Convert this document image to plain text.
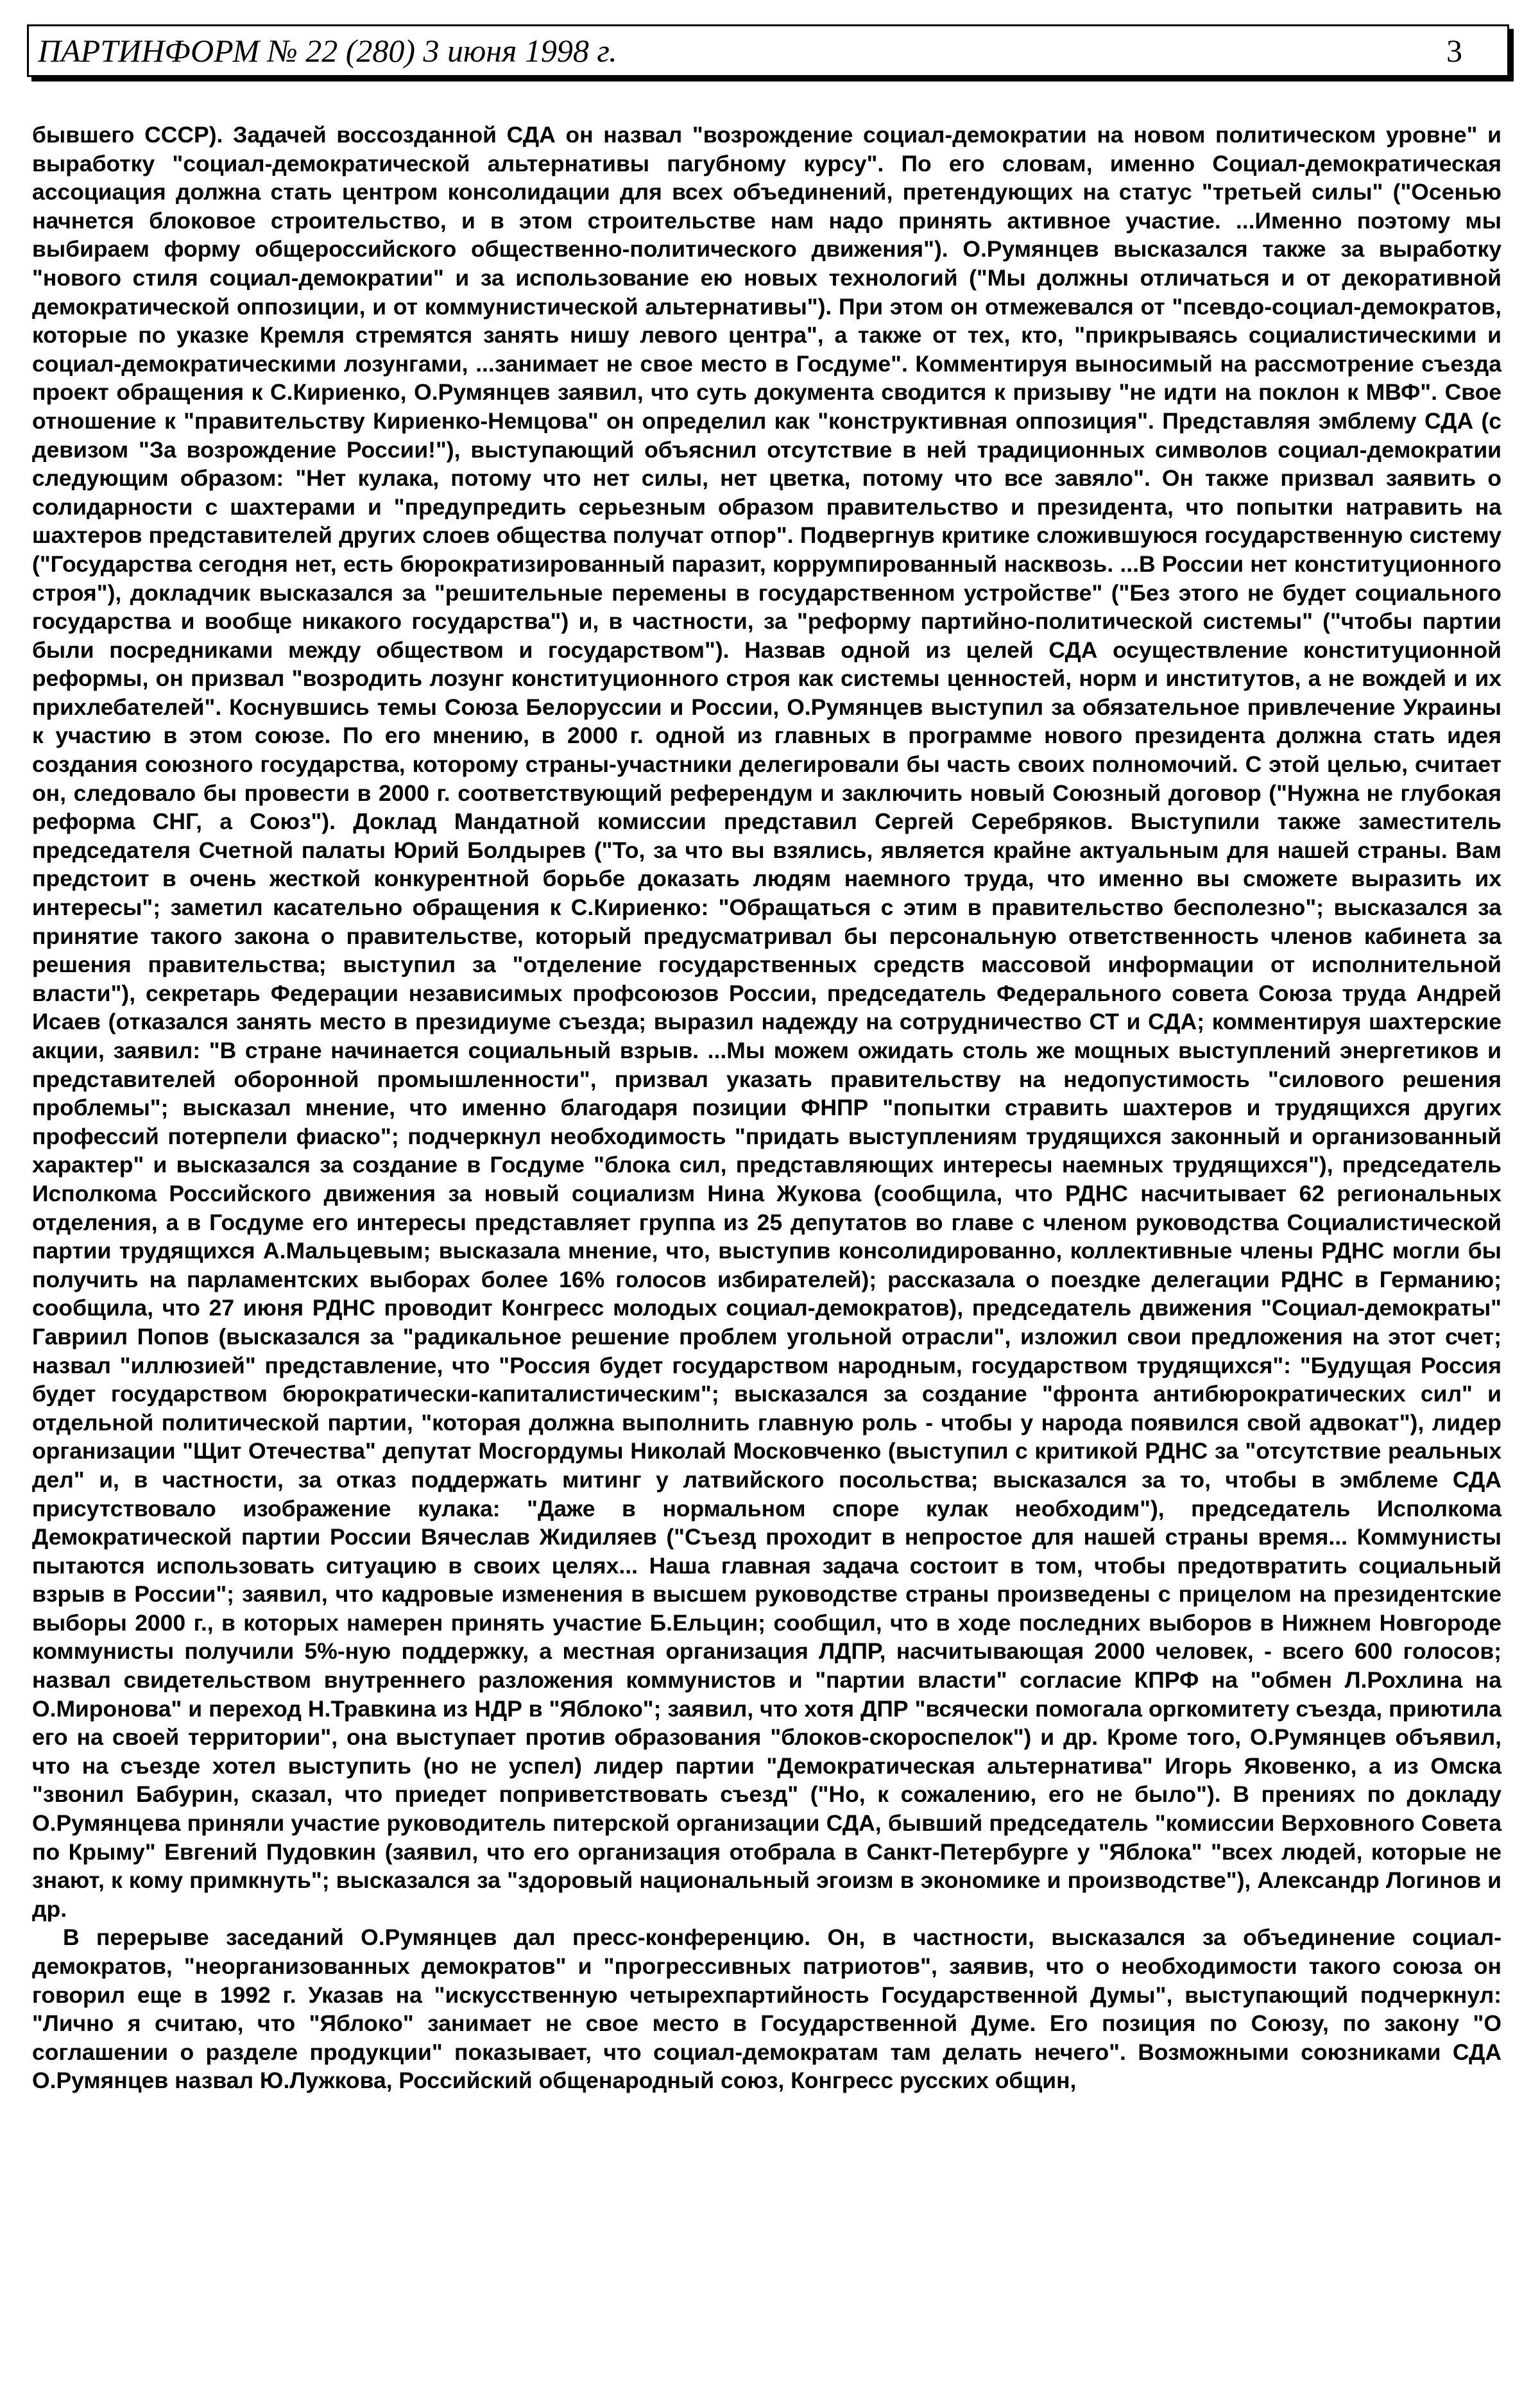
ПАРТИНФОРМ № 22 (280) 3 июня 1998 г.	3

бывшего СССР). Задачей воссозданной СДА он назвал "возрождение социал-демократии на новом политическом уровне" и выработку "социал-демократической альтернативы пагубному курсу". По его словам, именно Социал-демократическая ассоциация должна стать центром консолидации для всех объединений, претендующих на статус "третьей силы" ("Осенью начнется блоковое строительство, и в этом строительстве нам надо принять активное участие. ...Именно поэтому мы выбираем форму общероссийского общественно-политического движения"). О.Румянцев высказался также за выработку "нового стиля социал-демократии" и за использование ею новых технологий ("Мы должны отличаться и от декоративной демократической оппозиции, и от коммунистической альтернативы"). При этом он отмежевался от "псевдо-социал-демократов, которые по указке Кремля стремятся занять нишу левого центра", а также от тех, кто, "прикрываясь социалистическими и социал-демократическими лозунгами, ...занимает не свое место в Госдуме". Комментируя выносимый на рассмотрение съезда проект обращения к С.Кириенко, О.Румянцев заявил, что суть документа сводится к призыву "не идти на поклон к МВФ". Свое отношение к "правительству Кириенко-Немцова" он определил как "конструктивная оппозиция". Представляя эмблему СДА (с девизом "За возрождение России!"), выступающий объяснил отсутствие в ней традиционных символов социал-демократии следующим образом: "Нет кулака, потому что нет силы, нет цветка, потому что все завяло". Он также призвал заявить о солидарности с шахтерами и "предупредить серьезным образом правительство и президента, что попытки натравить на шахтеров представителей других слоев общества получат отпор". Подвергнув критике сложившуюся государственную систему ("Государства сегодня нет, есть бюрократизированный паразит, коррумпированный насквозь. ...В России нет конституционного строя"), докладчик высказался за "решительные перемены в государственном устройстве" ("Без этого не будет социального государства и вообще никакого государства") и, в частности, за "реформу партийно-политической системы" ("чтобы партии были посредниками между обществом и государством"). Назвав одной из целей СДА осуществление конституционной реформы, он призвал "возродить лозунг конституционного строя как системы ценностей, норм и институтов, а не вождей и их прихлебателей". Коснувшись темы Союза Белоруссии и России, О.Румянцев выступил за обязательное привлечение Украины к участию в этом союзе. По его мнению, в 2000 г. одной из главных в программе нового президента должна стать идея создания союзного государства, которому страны-участники делегировали бы часть своих полномочий. С этой целью, считает он, следовало бы провести в 2000 г. соответствующий референдум и заключить новый Союзный договор ("Нужна не глубокая реформа СНГ, а Союз"). Доклад Мандатной комиссии представил Сергей Серебряков. Выступили также заместитель председателя Счетной палаты Юрий Болдырев ("То, за что вы взялись, является крайне актуальным для нашей страны. Вам предстоит в очень жесткой конкурентной борьбе доказать людям наемного труда, что именно вы сможете выразить их интересы"; заметил касательно обращения к С.Кириенко: "Обращаться с этим в правительство бесполезно"; высказался за принятие такого закона о правительстве, который предусматривал бы персональную ответственность членов кабинета за решения правительства; выступил за "отделение государственных средств массовой информации от исполнительной власти"), секретарь Федерации независимых профсоюзов России, председатель Федерального совета Союза труда Андрей Исаев (отказался занять место в президиуме съезда; выразил надежду на сотрудничество СТ и СДА; комментируя шахтерские акции, заявил: "В стране начинается социальный взрыв. ...Мы можем ожидать столь же мощных выступлений энергетиков и представителей оборонной промышленности", призвал указать правительству на недопустимость "силового решения проблемы"; высказал мнение, что именно благодаря позиции ФНПР "попытки стравить шахтеров и трудящихся других профессий потерпели фиаско"; подчеркнул необходимость "придать выступлениям трудящихся законный и организованный характер" и высказался за создание в Госдуме "блока сил, представляющих интересы наемных трудящихся"), председатель Исполкома Российского движения за новый социализм Нина Жукова (сообщила, что РДНС насчитывает 62 региональных отделения, а в Госдуме его интересы представляет группа из 25 депутатов во главе с членом руководства Социалистической партии трудящихся А.Мальцевым; высказала мнение, что, выступив консолидированно, коллективные члены РДНС могли бы получить на парламентских выборах более 16% голосов избирателей); рассказала о поездке делегации РДНС в Германию; сообщила, что 27 июня РДНС проводит Конгресс молодых социал-демократов), председатель движения "Социал-демократы" Гавриил Попов (высказался за "радикальное решение проблем угольной отрасли", изложил свои предложения на этот счет; назвал "иллюзией" представление, что "Россия будет государством народным, государством трудящихся": "Будущая Россия будет государством бюрократически-капиталистическим"; высказался за создание "фронта антибюрократических сил" и отдельной политической партии, "которая должна выполнить главную роль - чтобы у народа появился свой адвокат"), лидер организации "Щит Отечества" депутат Мосгордумы Николай Московченко (выступил с критикой РДНС за "отсутствие реальных дел" и, в частности, за отказ поддержать митинг у латвийского посольства; высказался за то, чтобы в эмблеме СДА присутствовало изображение кулака: "Даже в нормальном споре кулак необходим"), председатель Исполкома Демократической партии России Вячеслав Жидиляев ("Съезд проходит в непростое для нашей страны время... Коммунисты пытаются использовать ситуацию в своих целях... Наша главная задача состоит в том, чтобы предотвратить социальный взрыв в России"; заявил, что кадровые изменения в высшем руководстве страны произведены с прицелом на президентские выборы 2000 г., в которых намерен принять участие Б.Ельцин; сообщил, что в ходе последних выборов в Нижнем Новгороде коммунисты получили 5%-ную поддержку, а местная организация ЛДПР, насчитывающая 2000 человек, - всего 600 голосов; назвал свидетельством внутреннего разложения коммунистов и "партии власти" согласие КПРФ на "обмен Л.Рохлина на О.Миронова" и переход Н.Травкина из НДР в "Яблоко"; заявил, что хотя ДПР "всячески помогала оргкомитету съезда, приютила его на своей территории", она выступает против образования "блоков-скороспелок") и др. Кроме того, О.Румянцев объявил, что на съезде хотел выступить (но не успел) лидер партии "Демократическая альтернатива" Игорь Яковенко, а из Омска "звонил Бабурин, сказал, что приедет поприветствовать съезд" ("Но, к сожалению, его не было"). В прениях по докладу О.Румянцева приняли участие руководитель питерской организации СДА, бывший председатель "комиссии Верховного Совета по Крыму" Евгений Пудовкин (заявил, что его организация отобрала в Санкт-Петербурге у "Яблока" "всех людей, которые не знают, к кому примкнуть"; высказался за "здоровый национальный эгоизм в экономике и производстве"), Александр Логинов и др.

В перерыве заседаний О.Румянцев дал пресс-конференцию. Он, в частности, высказался за объединение социал-демократов, "неорганизованных демократов" и "прогрессивных патриотов", заявив, что о необходимости такого союза он говорил еще в 1992 г. Указав на "искусственную четырехпартийность Государственной Думы", выступающий подчеркнул: "Лично я считаю, что "Яблоко" занимает не свое место в Государственной Думе. Его позиция по Союзу, по закону "О соглашении о разделе продукции" показывает, что социал-демократам там делать нечего". Возможными союзниками СДА О.Румянцев назвал Ю.Лужкова, Российский общенародный союз, Конгресс русских общин,
